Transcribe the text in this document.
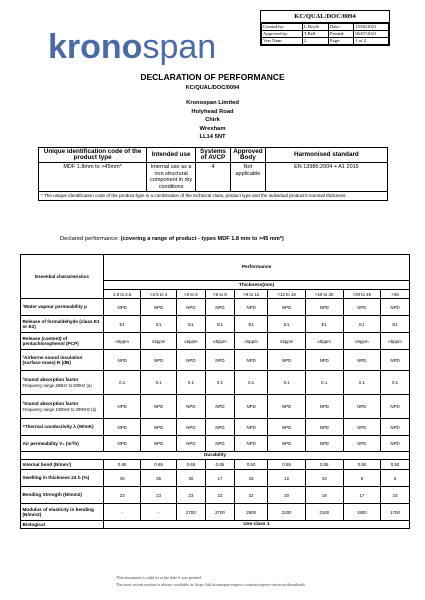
krono span
KC/QUAL/DOC/0094
Created by:	L.Boyle	Date:	15/06/2021
Approved by:	T.Bell	Printed:	06/07/2021
Vers Num:	2	Page:	1 of 2
DECLARATION OF PERFORMANCE
KC/QUAL/DOC/0094
Kronospan Limited
Holyhead Road
Chirk
Wrexham
LL14 5NT
Unique identification code of the product type	Intended use	Systems of AVCP	Approved Body	Harmonised standard
MDF 1.8mm to >45mm*	Internal use as a non structural component in dry conditions	4	Not applicable	EN 13986:2004 + A1 2015
* The unique identification code of the product-type is a combination of the technical class, product type and the individual product's nominal thickness.				
Declared performance: (covering a range of product - types MDF 1.8 mm to >45 mm*)
Essential characteristics	Performance								
	Thickness(mm)								
	1.8 to 2.5	>2.5 to 4	>4 to 6	>6 to 9	>9 to 12	>12 to 19	>19 to 30	>30 to 45	>45

¹Water vapour permeability μ	NPD	NPD	NPD	NPD	NPD	NPD	NPD	NPD	NPD

Release of formaldehyde (class E1 or E2)	E1	E1	E1	E1	E1	E1	E1	E1	E1

Release (content) of pentachlorophenol (PCP)	≤5ppm	≤5ppm	≤5ppm	≤5ppm	≤5ppm	≤5ppm	≤5ppm	≤5ppm	≤5ppm

²Airborne sound insulation (surface mass) R (dB)	NPD	NPD	NPD	NPD	NPD	NPD	NPD	NPD	NPD

³Sound absorption factor
Frequency range 250Hz to 500Hz (α)	0.1	0.1	0.1	0.1	0.1	0.1	0.1	0.1	0.1

³Sound absorption factor
Frequency range 1000Hz to 2000Hz (α)	NPD	NPD	NPD	NPD	NPD	NPD	NPD	NPD	NPD

⁴Thermal conductivity λ (W/mK)	NPD	NPD	NPD	NPD	NPD	NPD	NPD	NPD	NPD

Air permeability V₀ (m³/h)	NPD	NPD	NPD	NPD	NPD	NPD	NPD	NPD	NPD
Durability									
Internal bond (N/mm²)	0.65	0.65	0.65	0.65	0.60	0.55	0.55	0.50	0.50
Swelling in thickness 24 h (%)	45	35	30	17	15	12	10	8	6
Bending Strength (N/mm2)	23	23	23	23	22	20	18	17	15
Modulus of elasticity in bending (N/mm2)	-	-	2700	2700	2500	2200	2100	1900	1700
Biological	Use class 1								
This document is valid as at the date it was printed.
The most recent version is always available at: https://uk.kronospan-express.com/en/express-services/downloads
